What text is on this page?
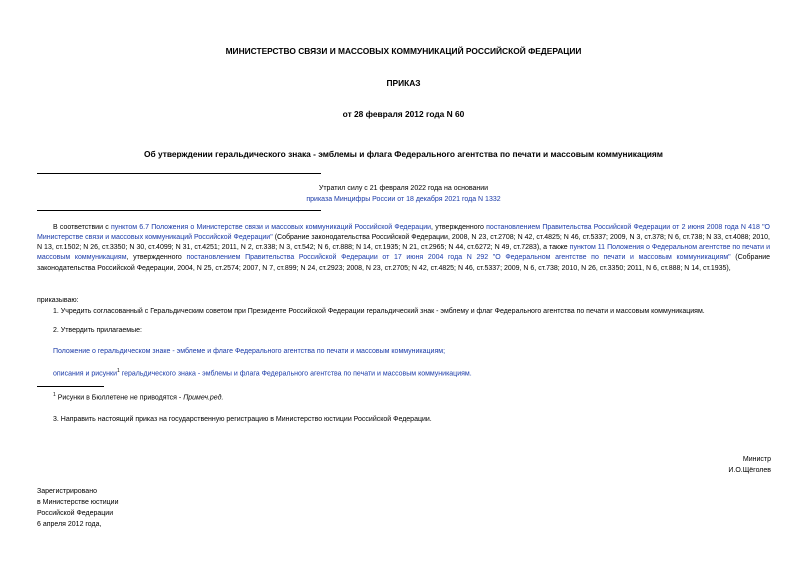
МИНИСТЕРСТВО СВЯЗИ И МАССОВЫХ КОММУНИКАЦИЙ РОССИЙСКОЙ ФЕДЕРАЦИИ
ПРИКАЗ
от 28 февраля 2012 года N 60
Об утверждении геральдического знака - эмблемы и флага Федерального агентства по печати и массовым коммуникациям
Утратил силу с 21 февраля 2022 года на основании
приказа Минцифры России от 18 декабря 2021 года N 1332
В соответствии с пунктом 6.7 Положения о Министерстве связи и массовых коммуникаций Российской Федерации, утвержденного постановлением Правительства Российской Федерации от 2 июня 2008 года N 418 "О Министерстве связи и массовых коммуникаций Российской Федерации" (Собрание законодательства Российской Федерации, 2008, N 23, ст.2708; N 42, ст.4825; N 46, ст.5337; 2009, N 3, ст.378; N 6, ст.738; N 33, ст.4088; 2010, N 13, ст.1502; N 26, ст.3350; N 30, ст.4099; N 31, ст.4251; 2011, N 2, ст.338; N 3, ст.542; N 6, ст.888; N 14, ст.1935; N 21, ст.2965; N 44, ст.6272; N 49, ст.7283), а также пунктом 11 Положения о Федеральном агентстве по печати и массовым коммуникациям, утвержденного постановлением Правительства Российской Федерации от 17 июня 2004 года N 292 "О Федеральном агентстве по печати и массовым коммуникациям" (Собрание законодательства Российской Федерации, 2004, N 25, ст.2574; 2007, N 7, ст.899; N 24, ст.2923; 2008, N 23, ст.2705; N 42, ст.4825; N 46, ст.5337; 2009, N 6, ст.738; 2010, N 26, ст.3350; 2011, N 6, ст.888; N 14, ст.1935),
приказываю:
1. Учредить согласованный с Геральдическим советом при Президенте Российской Федерации геральдический знак - эмблему и флаг Федерального агентства по печати и массовым коммуникациям.
2. Утвердить прилагаемые:
Положение о геральдическом знаке - эмблеме и флаге Федерального агентства по печати и массовым коммуникациям;
описания и рисунки$^1$ геральдического знака - эмблемы и флага Федерального агентства по печати и массовым коммуникациям.
$^1$ Рисунки в Бюллетене не приводятся - Примеч.ред.
3. Направить настоящий приказ на государственную регистрацию в Министерство юстиции Российской Федерации.
Министр
И.О.Щёголев
Зарегистрировано
в Министерстве юстиции
Российской Федерации
6 апреля 2012 года,
